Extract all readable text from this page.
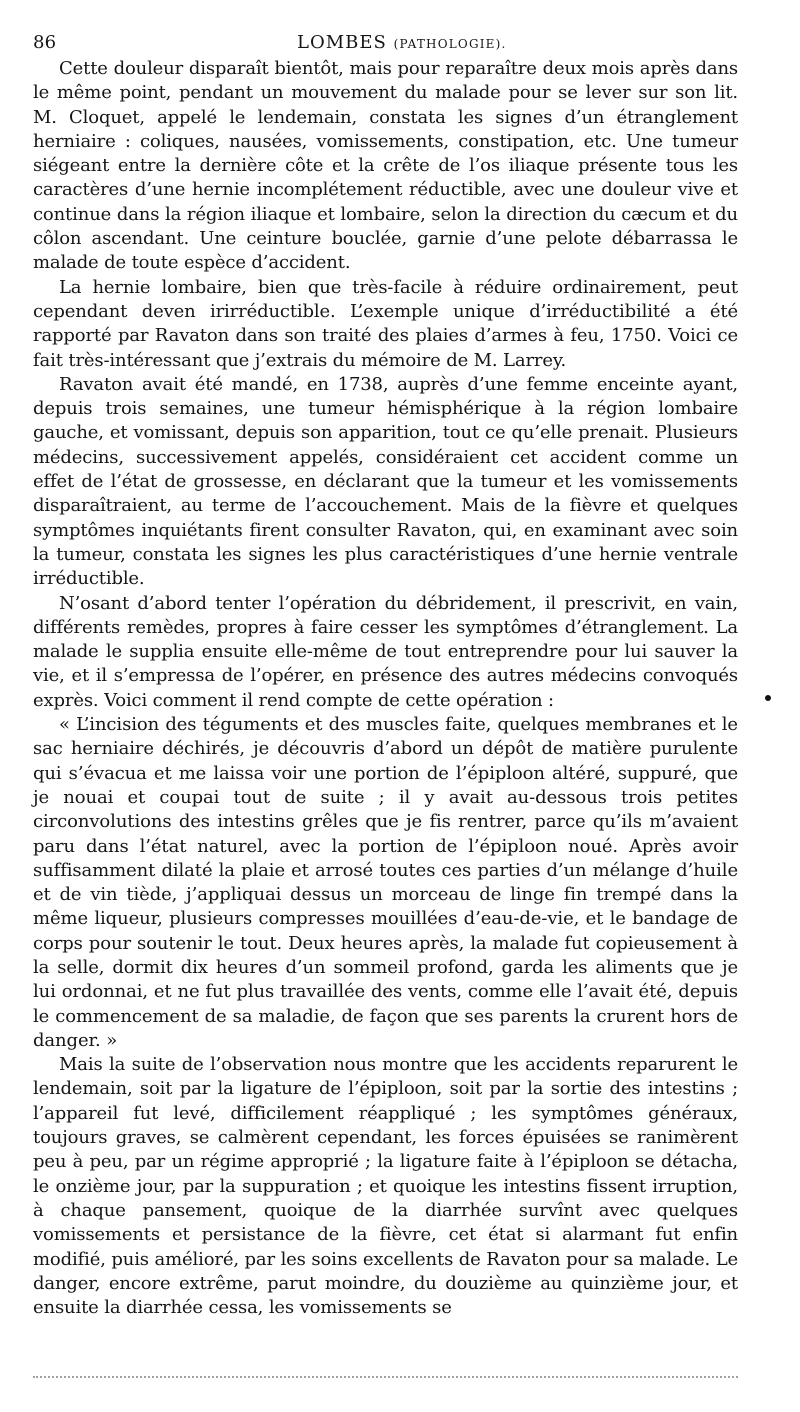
86	LOMBES (PATHOLOGIE).

Cette douleur disparaît bientôt, mais pour reparaître deux mois après dans le même point, pendant un mouvement du malade pour se lever sur son lit. M. Cloquet, appelé le lendemain, constata les signes d’un étranglement herniaire : coliques, nausées, vomissements, constipation, etc. Une tumeur siégeant entre la dernière côte et la crête de l’os iliaque présente tous les caractères d’une hernie incomplétement réductible, avec une douleur vive et continue dans la région iliaque et lombaire, selon la direction du cæcum et du côlon ascendant. Une ceinture bouclée, garnie d’une pelote débarrassa le malade de toute espèce d’accident.

La hernie lombaire, bien que très-facile à réduire ordinairement, peut cependant deven irirréductible. L’exemple unique d’irréductibilité a été rapporté par Ravaton dans son traité des plaies d’armes à feu, 1750. Voici ce fait très-intéressant que j’extrais du mémoire de M. Larrey.

Ravaton avait été mandé, en 1738, auprès d’une femme enceinte ayant, depuis trois semaines, une tumeur hémisphérique à la région lombaire gauche, et vomissant, depuis son apparition, tout ce qu’elle prenait. Plusieurs médecins, successivement appelés, considéraient cet accident comme un effet de l’état de grossesse, en déclarant que la tumeur et les vomissements disparaîtraient, au terme de l’accouchement. Mais de la fièvre et quelques symptômes inquiétants firent consulter Ravaton, qui, en examinant avec soin la tumeur, constata les signes les plus caractéristiques d’une hernie ventrale irréductible.

N’osant d’abord tenter l’opération du débridement, il prescrivit, en vain, différents remèdes, propres à faire cesser les symptômes d’étranglement. La malade le supplia ensuite elle-même de tout entreprendre pour lui sauver la vie, et il s’empressa de l’opérer, en présence des autres médecins convoqués exprès. Voici comment il rend compte de cette opération :

« L’incision des téguments et des muscles faite, quelques membranes et le sac herniaire déchirés, je découvris d’abord un dépôt de matière purulente qui s’évacua et me laissa voir une portion de l’épiploon altéré, suppuré, que je nouai et coupai tout de suite ; il y avait au-dessous trois petites circonvolutions des intestins grêles que je fis rentrer, parce qu’ils m’avaient paru dans l’état naturel, avec la portion de l’épiploon noué. Après avoir suffisamment dilaté la plaie et arrosé toutes ces parties d’un mélange d’huile et de vin tiède, j’appliquai dessus un morceau de linge fin trempé dans la même liqueur, plusieurs compresses mouillées d’eau-de-vie, et le bandage de corps pour soutenir le tout. Deux heures après, la malade fut copieusement à la selle, dormit dix heures d’un sommeil profond, garda les aliments que je lui ordonnai, et ne fut plus travaillée des vents, comme elle l’avait été, depuis le commencement de sa maladie, de façon que ses parents la crurent hors de danger. »

Mais la suite de l’observation nous montre que les accidents reparurent le lendemain, soit par la ligature de l’épiploon, soit par la sortie des intestins ; l’appareil fut levé, difficilement réappliqué ; les symptômes généraux, toujours graves, se calmèrent cependant, les forces épuisées se ranimèrent peu à peu, par un régime approprié ; la ligature faite à l’épiploon se détacha, le onzième jour, par la suppuration ; et quoique les intestins fissent irruption, à chaque pansement, quoique de la diarrhée survînt avec quelques vomissements et persistance de la fièvre, cet état si alarmant fut enfin modifié, puis amélioré, par les soins excellents de Ravaton pour sa malade. Le danger, encore extrême, parut moindre, du douzième au quinzième jour, et ensuite la diarrhée cessa, les vomissements se
